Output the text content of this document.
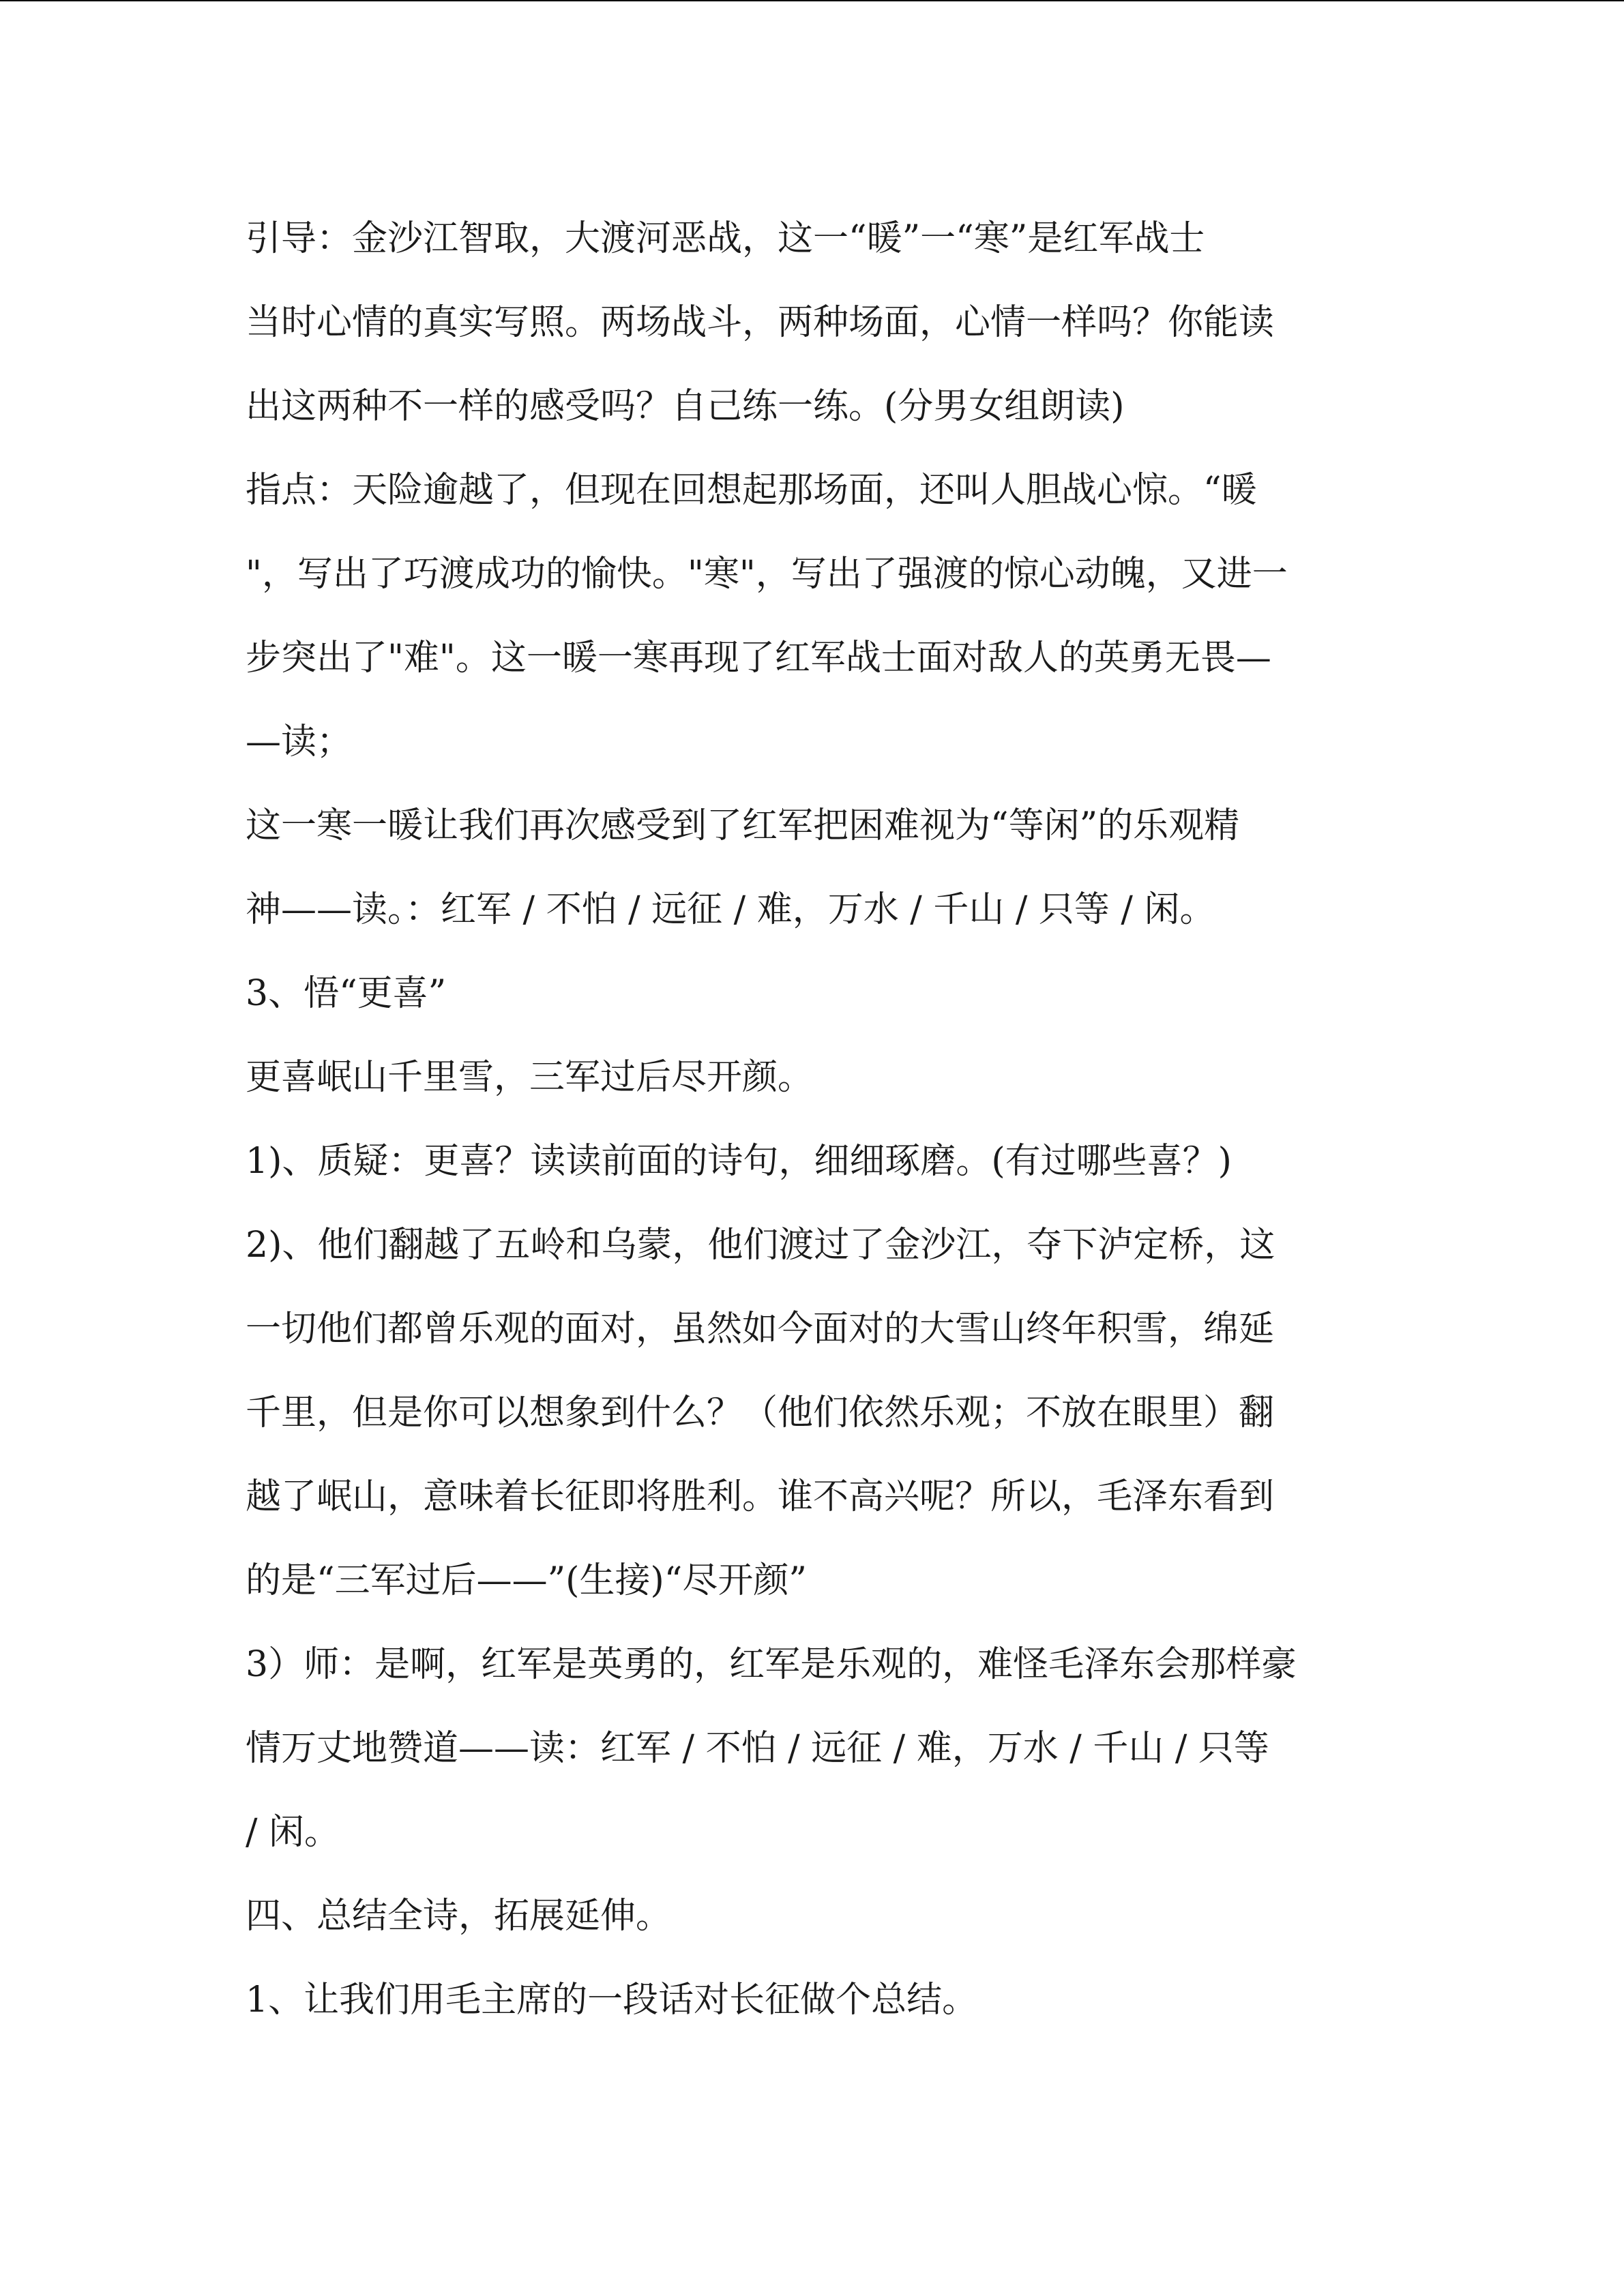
引导：金沙江智取，大渡河恶战，这一“暖”一“寒”是红军战士
当时心情的真实写照。两场战斗，两种场面，心情一样吗？你能读
出这两种不一样的感受吗？自己练一练。(分男女组朗读)
指点：天险逾越了，但现在回想起那场面，还叫人胆战心惊。“暖
"，写出了巧渡成功的愉快。"寒"，写出了强渡的惊心动魄，又进一
步突出了"难"。这一暖一寒再现了红军战士面对敌人的英勇无畏—
—读；
这一寒一暖让我们再次感受到了红军把困难视为“等闲”的乐观精
神——读。：红军 / 不怕 / 远征 / 难，万水 / 千山 / 只等 / 闲。
3、悟“更喜”
更喜岷山千里雪，三军过后尽开颜。
1)、质疑：更喜？读读前面的诗句，细细琢磨。(有过哪些喜？)
2)、他们翻越了五岭和乌蒙，他们渡过了金沙江，夺下泸定桥，这
一切他们都曾乐观的面对，虽然如今面对的大雪山终年积雪，绵延
千里，但是你可以想象到什么？（他们依然乐观；不放在眼里）翻
越了岷山，意味着长征即将胜利。谁不高兴呢？所以，毛泽东看到
的是“三军过后——”(生接)“尽开颜”
3）师：是啊，红军是英勇的，红军是乐观的，难怪毛泽东会那样豪
情万丈地赞道——读：红军 / 不怕 / 远征 / 难，万水 / 千山 / 只等
/ 闲。
四、总结全诗，拓展延伸。
1、让我们用毛主席的一段话对长征做个总结。
